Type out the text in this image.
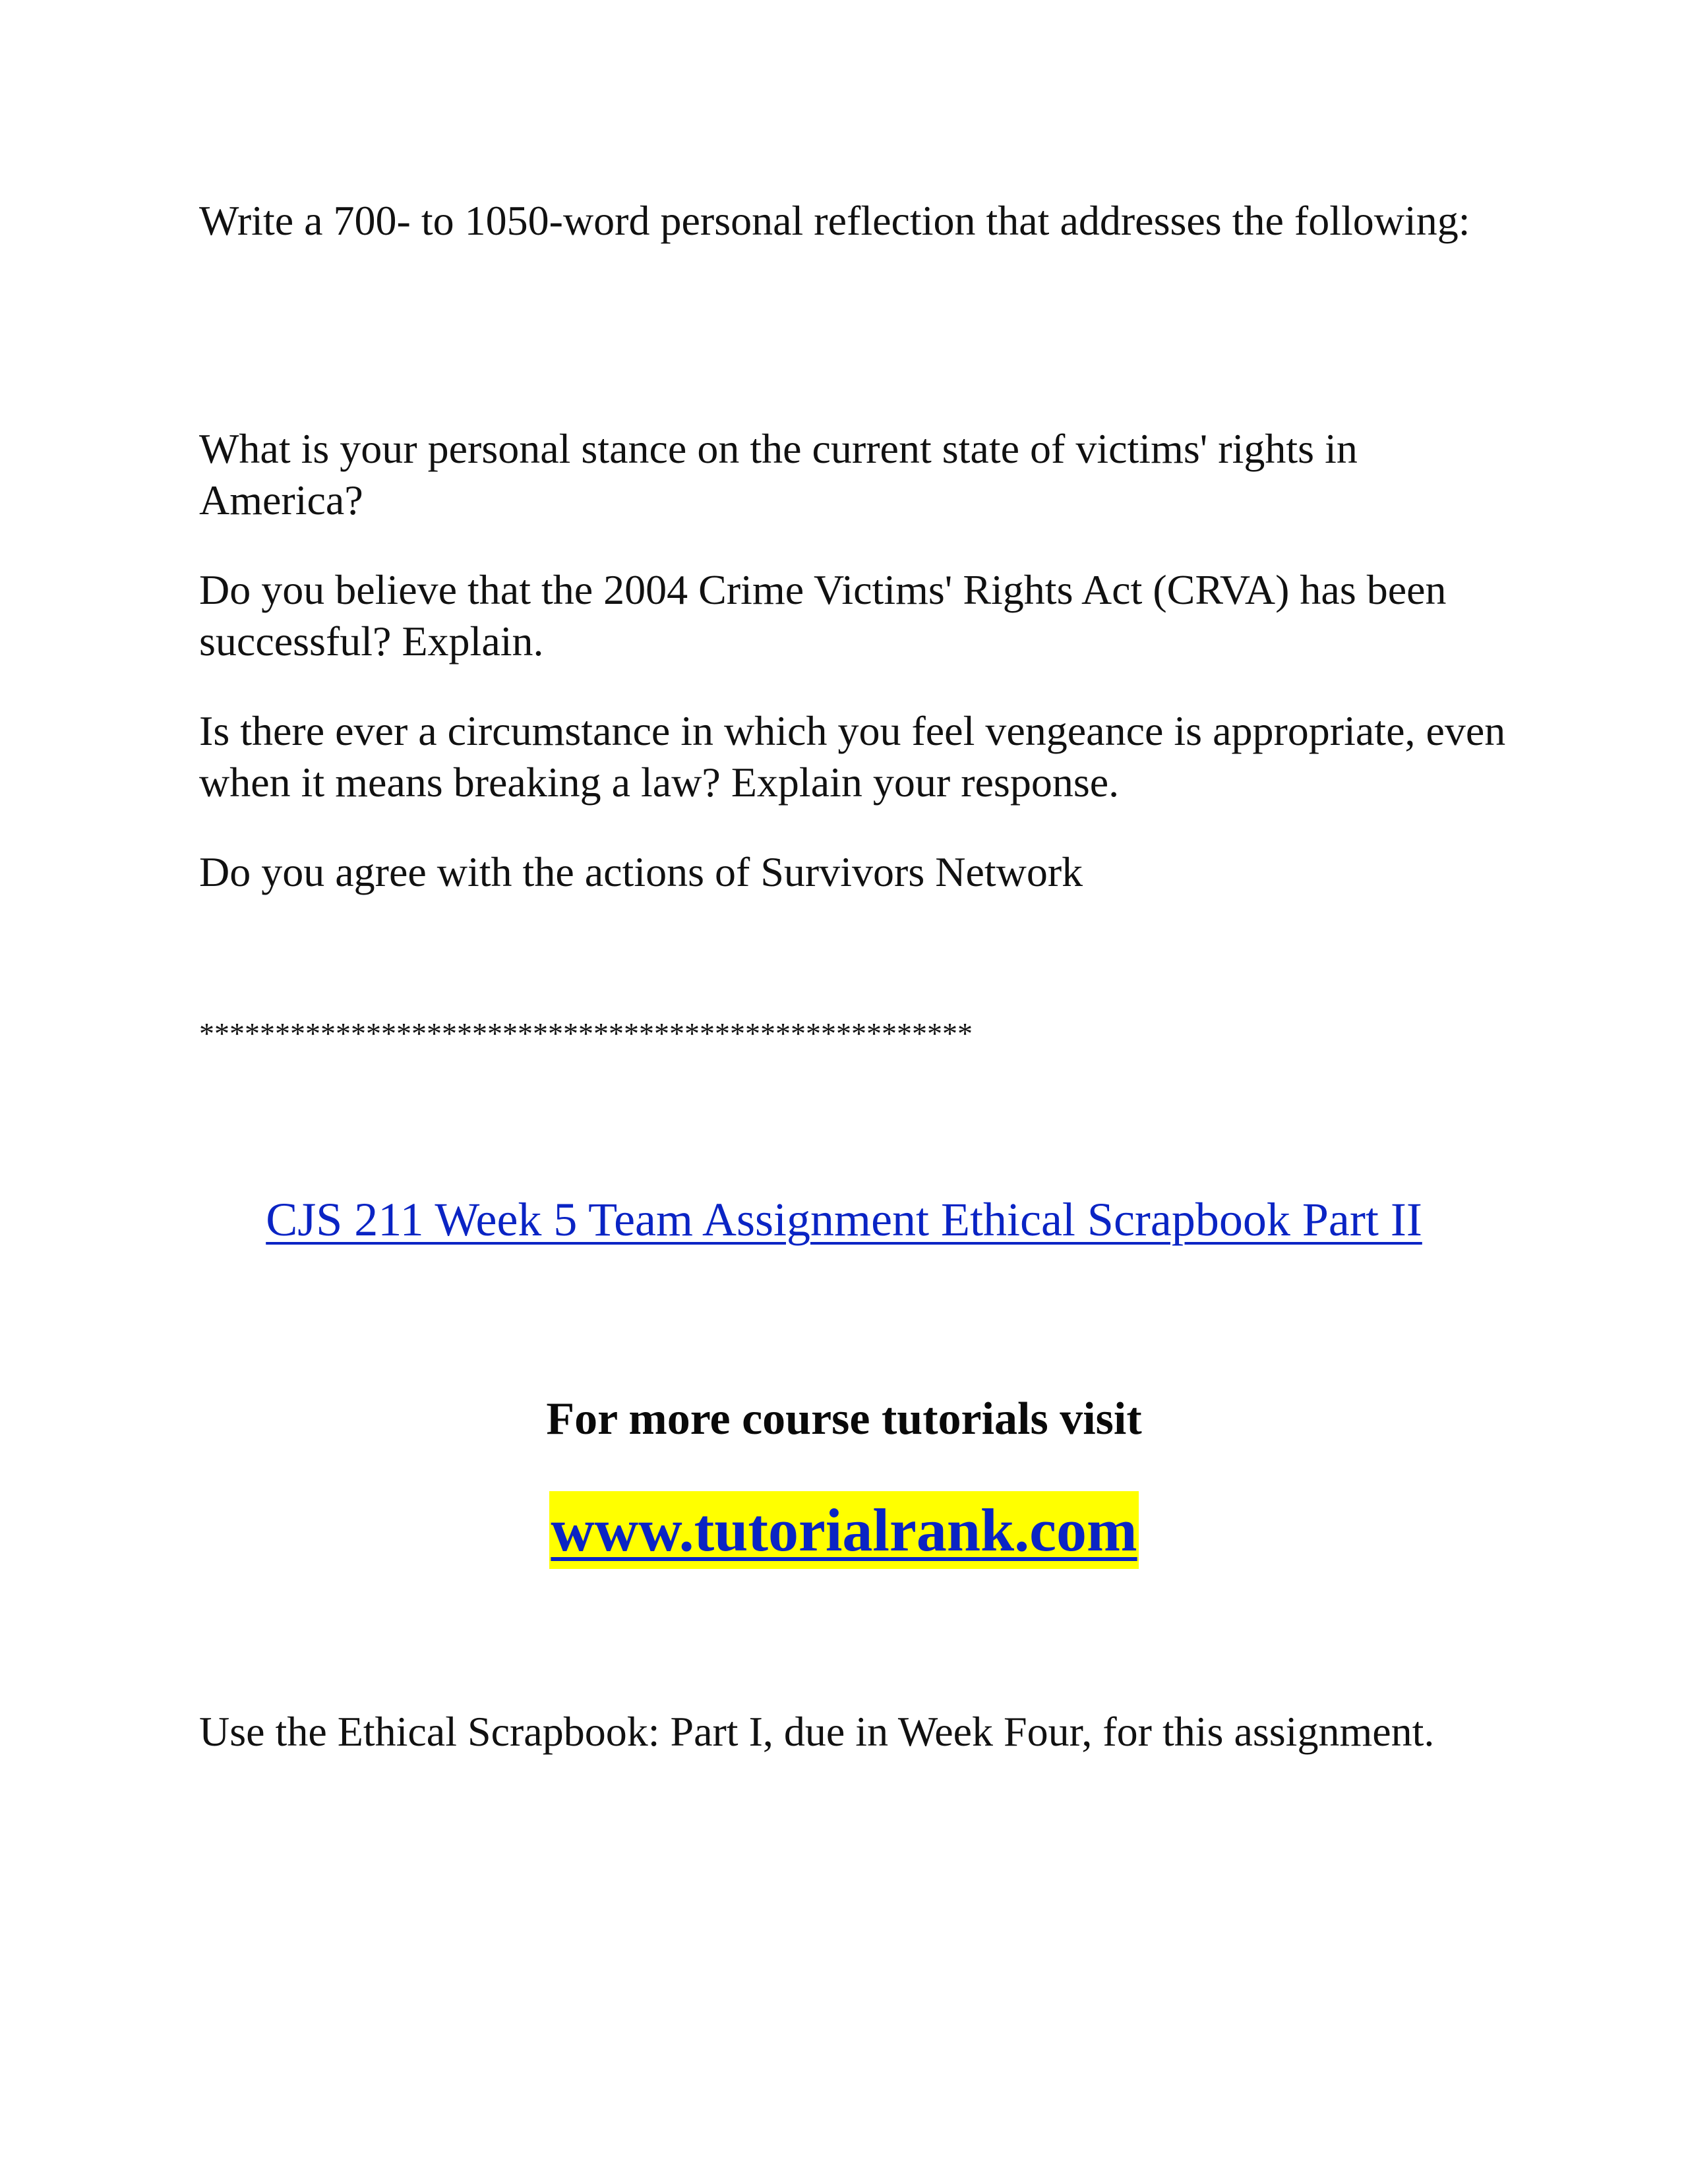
Write a 700- to 1050-word personal reflection that addresses the following:

What is your personal stance on the current state of victims' rights in America?

Do you believe that the 2004 Crime Victims' Rights Act (CRVA) has been successful? Explain.

Is there ever a circumstance in which you feel vengeance is appropriate, even when it means breaking a law? Explain your response.

Do you agree with the actions of Survivors Network

***************************************************
CJS 211 Week 5 Team Assignment Ethical Scrapbook Part II
For more course tutorials visit
www.tutorialrank.com

Use the Ethical Scrapbook: Part I, due in Week Four, for this assignment.
